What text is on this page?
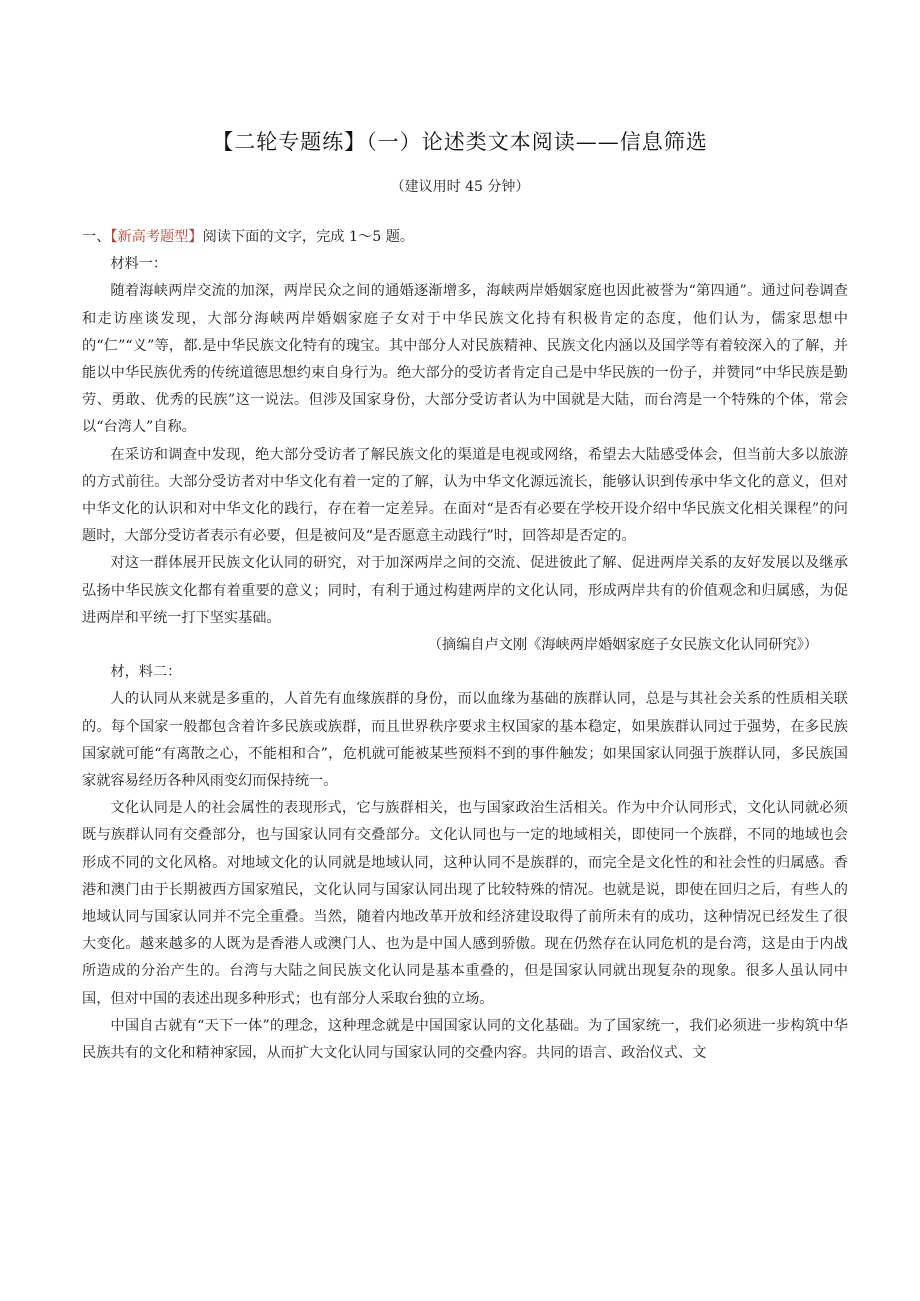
【二轮专题练】（一）论述类文本阅读——信息筛选
（建议用时 45 分钟）

一、【新高考题型】阅读下面的文字，完成 1～5 题。

材料一：

随着海峡两岸交流的加深，两岸民众之间的通婚逐渐增多，海峡两岸婚姻家庭也因此被誉为“第四通”。通过问卷调查和走访座谈发现，大部分海峡两岸婚姻家庭子女对于中华民族文化持有积极肯定的态度，他们认为，儒家思想中的“仁”“义”等，都.是中华民族文化特有的瑰宝。其中部分人对民族精神、民族文化内涵以及国学等有着较深入的了解，并能以中华民族优秀的传统道德思想约束自身行为。绝大部分的受访者肯定自己是中华民族的一份子，并赞同“中华民族是勤劳、勇敢、优秀的民族”这一说法。但涉及国家身份，大部分受访者认为中国就是大陆，而台湾是一个特殊的个体，常会以“台湾人”自称。

在采访和调查中发现，绝大部分受访者了解民族文化的渠道是电视或网络，希望去大陆感受体会，但当前大多以旅游的方式前往。大部分受访者对中华文化有着一定的了解，认为中华文化源远流长，能够认识到传承中华文化的意义，但对中华文化的认识和对中华文化的践行，存在着一定差异。在面对“是否有必要在学校开设介绍中华民族文化相关课程”的问题时，大部分受访者表示有必要，但是被问及“是否愿意主动践行”时，回答却是否定的。

对这一群体展开民族文化认同的研究，对于加深两岸之间的交流、促进彼此了解、促进两岸关系的友好发展以及继承弘扬中华民族文化都有着重要的意义；同时，有利于通过构建两岸的文化认同，形成两岸共有的价值观念和归属感，为促进两岸和平统一打下坚实基础。

（摘编自卢文刚《海峡两岸婚姻家庭子女民族文化认同研究》）

材，料二：

人的认同从来就是多重的，人首先有血缘族群的身份，而以血缘为基础的族群认同，总是与其社会关系的性质相关联的。每个国家一般都包含着许多民族或族群，而且世界秩序要求主权国家的基本稳定，如果族群认同过于强势，在多民族国家就可能“有离散之心，不能相和合”，危机就可能被某些预料不到的事件触发；如果国家认同强于族群认同，多民族国家就容易经历各种风雨变幻而保持统一。

文化认同是人的社会属性的表现形式，它与族群相关，也与国家政治生活相关。作为中介认同形式，文化认同就必须既与族群认同有交叠部分，也与国家认同有交叠部分。文化认同也与一定的地域相关，即使同一个族群，不同的地域也会形成不同的文化风格。对地域文化的认同就是地域认同，这种认同不是族群的，而完全是文化性的和社会性的归属感。香港和澳门由于长期被西方国家殖民，文化认同与国家认同出现了比较特殊的情况。也就是说，即使在回归之后，有些人的地域认同与国家认同并不完全重叠。当然，随着内地改革开放和经济建设取得了前所未有的成功，这种情况已经发生了很大变化。越来越多的人既为是香港人或澳门人、也为是中国人感到骄傲。现在仍然存在认同危机的是台湾，这是由于内战所造成的分治产生的。台湾与大陆之间民族文化认同是基本重叠的，但是国家认同就出现复杂的现象。很多人虽认同中国，但对中国的表述出现多种形式；也有部分人采取台独的立场。

中国自古就有“天下一体”的理念，这种理念就是中国国家认同的文化基础。为了国家统一，我们必须进一步构筑中华民族共有的文化和精神家园，从而扩大文化认同与国家认同的交叠内容。共同的语言、政治仪式、文
